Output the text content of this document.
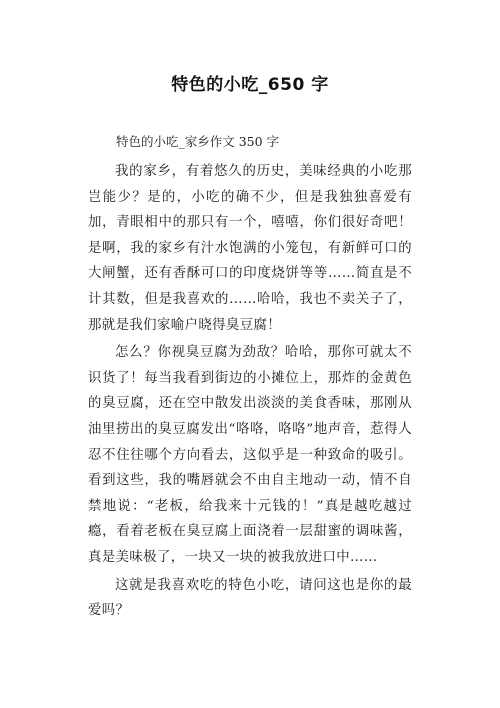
特色的小吃_650 字

特色的小吃_家乡作文 350 字

我的家乡，有着悠久的历史，美味经典的小吃那岂能少？是的，小吃的确不少，但是我独独喜爱有加，青眼相中的那只有一个，嘻嘻，你们很好奇吧！是啊，我的家乡有汁水饱满的小笼包，有新鲜可口的大闸蟹，还有香酥可口的印度烧饼等等……简直是不计其数，但是我喜欢的……哈哈，我也不卖关子了，那就是我们家喻户晓得臭豆腐！

怎么？你视臭豆腐为劲敌？哈哈，那你可就太不识货了！每当我看到街边的小摊位上，那炸的金黄色的臭豆腐，还在空中散发出淡淡的美食香味，那刚从油里捞出的臭豆腐发出“咯咯，咯咯”地声音，惹得人忍不住往哪个方向看去，这似乎是一种致命的吸引。看到这些，我的嘴唇就会不由自主地动一动，情不自禁地说：“老板，给我来十元钱的！”真是越吃越过瘾，看着老板在臭豆腐上面浇着一层甜蜜的调味酱，真是美味极了，一块又一块的被我放进口中……

这就是我喜欢吃的特色小吃，请问这也是你的最爱吗？
